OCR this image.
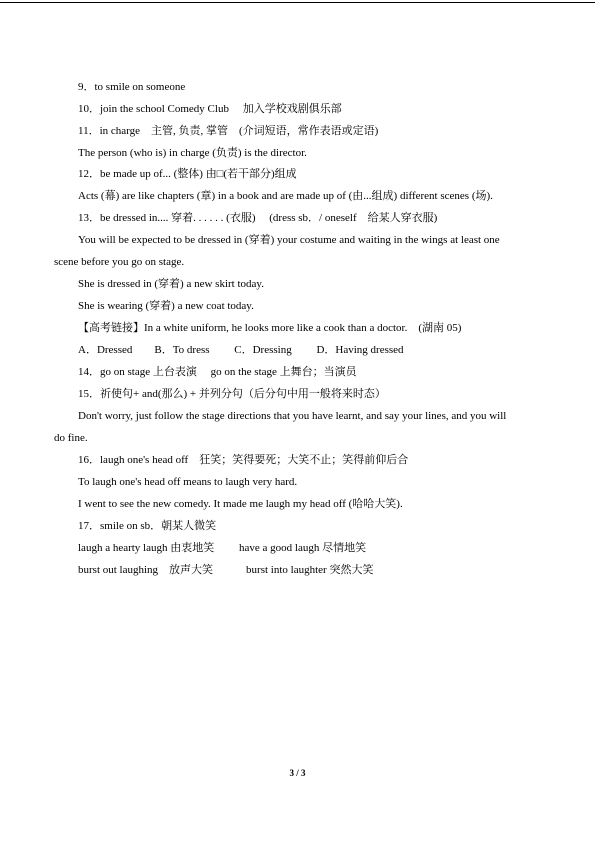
9．to smile on someone
10．join the school Comedy Club　 加入学校戏剧俱乐部
11．in charge　主管, 负责, 掌管　(介词短语，常作表语或定语)
The person (who is) in charge (负责) is the director.
12．be made up of... (整体) 由□(若干部分)组成
Acts (幕) are like chapters (章) in a book and are made up of (由...组成) different scenes (场).
13．be dressed in.... 穿着. . . . . . (衣服)　 (dress sb．/ oneself　给某人穿衣服)
You will be expected to be dressed in (穿着) your costume and waiting in the wings at least one
scene before you go on stage.
She is dressed in (穿着) a new skirt today.
She is wearing (穿着) a new coat today.
【高考链接】In a white uniform, he looks more like a cook than a doctor.　(湖南 05)
A．Dressed　　B．To dress　　 C．Dressing　　 D．Having dressed
14．go on stage 上台表演　 go on the stage 上舞台；当演员
15．祈使句+ and(那么) + 并列分句（后分句中用一般将来时态）
Don't worry, just follow the stage directions that you have learnt, and say your lines, and you will
do fine.
16．laugh one's head off　狂笑；笑得要死；大笑不止；笑得前仰后合
To laugh one's head off means to laugh very hard.
I went to see the new comedy. It made me laugh my head off (哈哈大笑).
17．smile on sb．朝某人微笑
laugh a hearty laugh 由衷地笑　　 have a good laugh 尽情地笑
burst out laughing　放声大笑　　　burst into laughter 突然大笑
3 / 3
